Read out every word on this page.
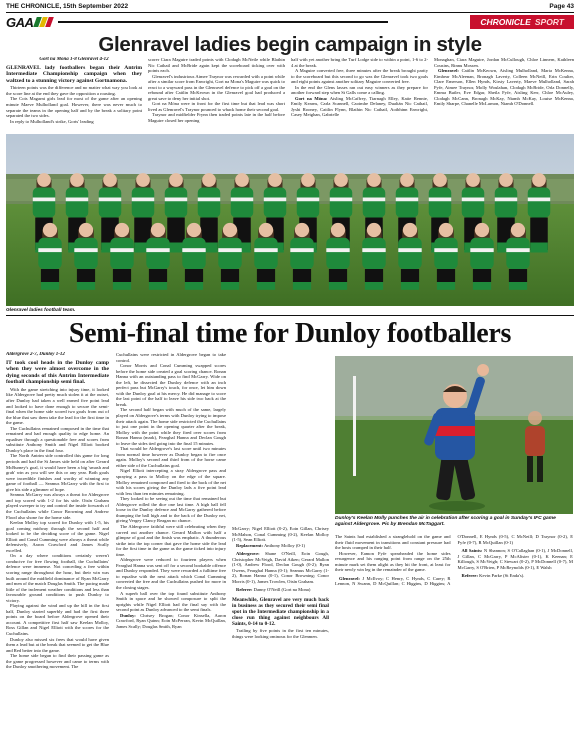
THE CHRONICLE, 15th September 2022	Page 43
GAA	CHRONICLE SPORT
Glenravel ladies begin campaign in style

Gort na Móna 1-8 Glenravel 4-12

GLENRAVEL lady footballers began their Antrim Intermediate Championship campaign when they waltzed to a stunning victory against Gortnamona.

Thirteen points was the difference and no matter what way you look at the score line at the end they gave the opposition a roasting.

The Cois Magarni girls lead for most of the game after an opening minute Maeve Mulholland goal. However, there was never much to separate the teams in the opening half and by the break a solitary point separated the two sides.

In reply to Mulholland's strike, Gorts' leading

scorer Ciara Maguire traded points with Clodagh McNeile while Blathin Nic Cathail and McBride again kept the scoreboard ticking over with points each.

Glenravel's industrious Aimee Traynor was rewarded with a point while after a similar score from Enwright, Gort na Mona's Maguire was quick to react to a wayward pass in the Glenravel defence to pick off a goal on the rebound after Caitlin McKeown in the Glenravel goal had produced a great save to deny her initial shot.

Gort na Móna were in front for the first time but that lead was short lived as Glenravel's Traynor pounced to whack home their second goal.

Traynor and midfielder Frynn then traded points late in the half before Maguire closed her opening

half with yet another bring the Turf Lodge side to within a point, 1-6 to 2-4 at the break.

A Maguire converted free, three minutes after the break brought parity to the scoreboard but this second to go was the Glenravel took two goals and eight points against another solitary Maguire converted free.

In the end the Glens lasses ran out easy winners as they prepare for another forward step when St Galls come a calling.

Gort na Móna: Aisling McCaffrey, Tiarnagh Elley, Katie Rennie, Emily Kearns, Carla Scannell, Caoimhe Delaney, Dualtán Nic Cathail, Jyshi Rooney, Caitlin Flynn, Blathin Nic Cathail, Aoibhinn Enwright, Casey Meighan, Gabrielle

Monaghan, Ciara Maguire, Jordan McCullough, Chloe Linnern, Kathleen Cousins, Rinnu Mossen.

Glenravel: Caitlin McKeown, Aisling Mulholland, Maria McKenna, Eimhear McAleenan, Bronagh Laverty, Colleen McNeill, Erin Coulter, Clare Emerson, Ellen Hynds, Kirsty Laverty, Maeve Mulholland, Sarah Pyfe, Aimee Traynor, Molly Woulahan, Clodagh McBride, Orla Donnelly, Emma Butler, Eve Edgar, Sheila Fyfe, Aisling Kerr, Chloe McAuley, Clodagh McCann, Bronagh McKay, Niamh McKay, Louise McKenna, Emily Sharpe, Chanelle McLarnon, Niamh O'Donnell.

Glenravel ladies football team.
Semi-final time for Dunloy footballers

Aldergrove 2-7, Dunloy 1-12

IT took cool heads in the Dunloy camp when they were almost overcome in the dying seconds of this Antrim Intermediate football championship semi final.

With the game stretching into injury time, it looked like Aldergrove had pretty much stolen it at the outset, after Dunloy had taken a well earned five point lead and looked to have done enough to secure the semi-final when the home side scored two goals from out of the blue that saw them take the lead for the first time in the game.

The Cuchullains remained composed in the time that remained and had enough quality to edge home. An equaliser through a questionable free and scores from substitute Anthony Smith and Nigel Elliott booked Dunloy's place in the final four.

The North Antrim side controlled this game for long periods and had the St James side held on after Gerard McBurney's goal, it would have been a big 'smash and grab' win as you will see this or any year. Both goals were incredible finishes and worthy of winning any game of football — Seamus McGarry with the first to give his side a glimmer of hope.

Seamus McGarry was always a threat for Aldergrove and top scored with 1-2 for his side. Oisín Graham played sweeper to try and control the inside forwards of the Cuchullains while Conor Browning and Andrew Flood also shone for the home side.

Keelan Molloy top scored for Dunloy with 1-5, his goal coming midway through the second half and looked to be the deciding score of the game. Nigel Elliott and Conal Cumming were always a threat while defensively, Aaron Crawford and James Scally excelled.

On a day where conditions certainly weren't conducive for free flowing football, the Cuchullains' defence were immense. Not conceding a free within scoring range throughout the hour, but their win was built around the midfield dominance of Ryan McGarry and men of the match Douglas Smith. The pacing made little of the inclement weather conditions and less than favourable ground conditions to push Dunloy to victory.

Playing against the wind and up the hill in the first half, Dunloy started superbly and had the first three points on the board before Aldergrove opened their account. A competitive first half saw Keelan Molloy, Ross Gillan and Nigel Elliott with the scores for the Cuchullains.

Dunloy also missed six frees that would have given them a lead but at the break that seemed to get the Blue and Red better into the game.

The home side began to find their passing game as the game progressed however and came to terms with the Dunloy smothering movement. The

Cuchullains were restricted in Aldergrove began to take control.

Conor Morris and Conal Cumming swapped scores before the home side created a goal scoring chance. Ronan Hanna with an outstanding pass to find McGarry. Wide on the left, he dissected the Dunloy defence with an inch perfect pass but McGarry's touch, for once, let him down with the Dunloy goal at his mercy. He did manage to score the last point of the half to leave his side two back at the break.

The second half began with much of the same, largely played on Aldergrove's terms with Dunloy trying to impose their attack again. The home side restricted the Cuchullains to just one point in the opening quarter after the break, Molloy with the point while they fired over scores from Ronan Hanna (mark), Fearghal Hanna and Declan Gough to leave the sides tied going into the final 15 minutes.

That would be Aldergrove's last score until two minutes from normal time however as Dunloy began to fire once again. Molloy's second and third from of the horse came either side of the Cuchullains goal.

Nigel Elliott intercepting a stray Aldergrove pass and spraying a pass to Molloy on the edge of the square. Molloy remained composed and fired to the back of the net with his scores giving the Dunloy lads a five point lead with less than ten minutes remaining.

They looked to be seeing out the time that remained but Aldergrove rolled the dice one last time. A high ball fell loose in the Dunloy defence and McGarry gathered before thumping the ball high and to the back of the Dunloy net, giving Vergey Clancy Reagan no chance.

The Aldergrove faithful were still celebrating when they carved out another chance. Gerard Mallon with half a glimpse of goal and the finish was emphatic. A thunderous strike into the top corner that gave the home side the lead for the first time in the game as the game ticked into injury time.

Aldergrove were reduced to fourteen players when Fearghal Hanna was sent off for a second bookable offence and Dunloy responded. They were rewarded a fulltime free to equalise with the next attack which Conal Cumming converted the free and the Cuchullains pushed for more in the closing stages.

A superb ball over the top found substitute Anthony Smith in space and he showed composure to split the uprights while Nigel Elliott had the final say with the second point as Dunloy advanced to the semi finals.

Dunloy: Chrisey Brogan; Conor Kinsella, Aaron Crawford, Ryan Quinn; Eoin McPerran, Kevin McQuillan, James Scally; Douglas Smith, Ryan

McGarry; Nigel Elliott (0-2), Eoin Gillan, Chrisey McMahon, Conal Cumming (0-2), Keelan Molloy (1-5), Sean Elliott.

Replacement: Anthony Molloy (0-1)

Aldergrove: Shane O'Neill, Eoin Gough, Christopher McVeigh, David Aiken; Gerard Mallon (1-0), Andrew Flood, Declan Gough (0-2); Ryan Owens, Fearghal Hanna (0-1); Seamus McGarry (1-2), Ronan Hanna (0-1), Conor Browning; Conor Morris (0-1), James Trowlen, Oisín Graham.

Referee: Danny O'Neill (Gort na Mona)

Meanwhile, Glenravel are very much back in business as they secured their semi final spot in the Intermediate championship in a close run thing against neighbours All Saints, 0-14 to 0-12.

Trailing by five points in the first ten minutes, things were looking ominous for the Glenmen.

The Saints had established a stranglehold on the game and their fluid movement in transitions and constant pressure had the hosts cramped in their half.

However, Eamon Fyfe spearheaded the home sides resurgence and his ranging point from range on the 25th minute mark set them alight as they hit the front, at least for their newly win leg in the remainder of the game.

Glenravel: J McIlvoy; C Henry, C Hynds, C Carey; R Lennon, N Swann, D McQuillan; C Higgins, D Higgins; A O'Donnell, E Hynds (0-5), C McNeill; D Traynor (0-2), E Fyfe (0-7), R McQuillan (0-1)

All Saints: N Shannon; S O'Callaghan (0-1), J McDonnell, J Gillan, C McGarry, P McAlister (0-1), K Keenan; E Killough, S McVeigh; C Stewart (0-2), P McDonnell (0-7), M McGarry, S O'Brien, P McReynolds (0-1), E Walsh

Referee: Kevin Parke (St Enda's).

Dunloy's Keelan Molly punches the air in celebration after scoring a goal in Sunday's IFC game against Aldergrove. Pic by Brendan McTaggart.
